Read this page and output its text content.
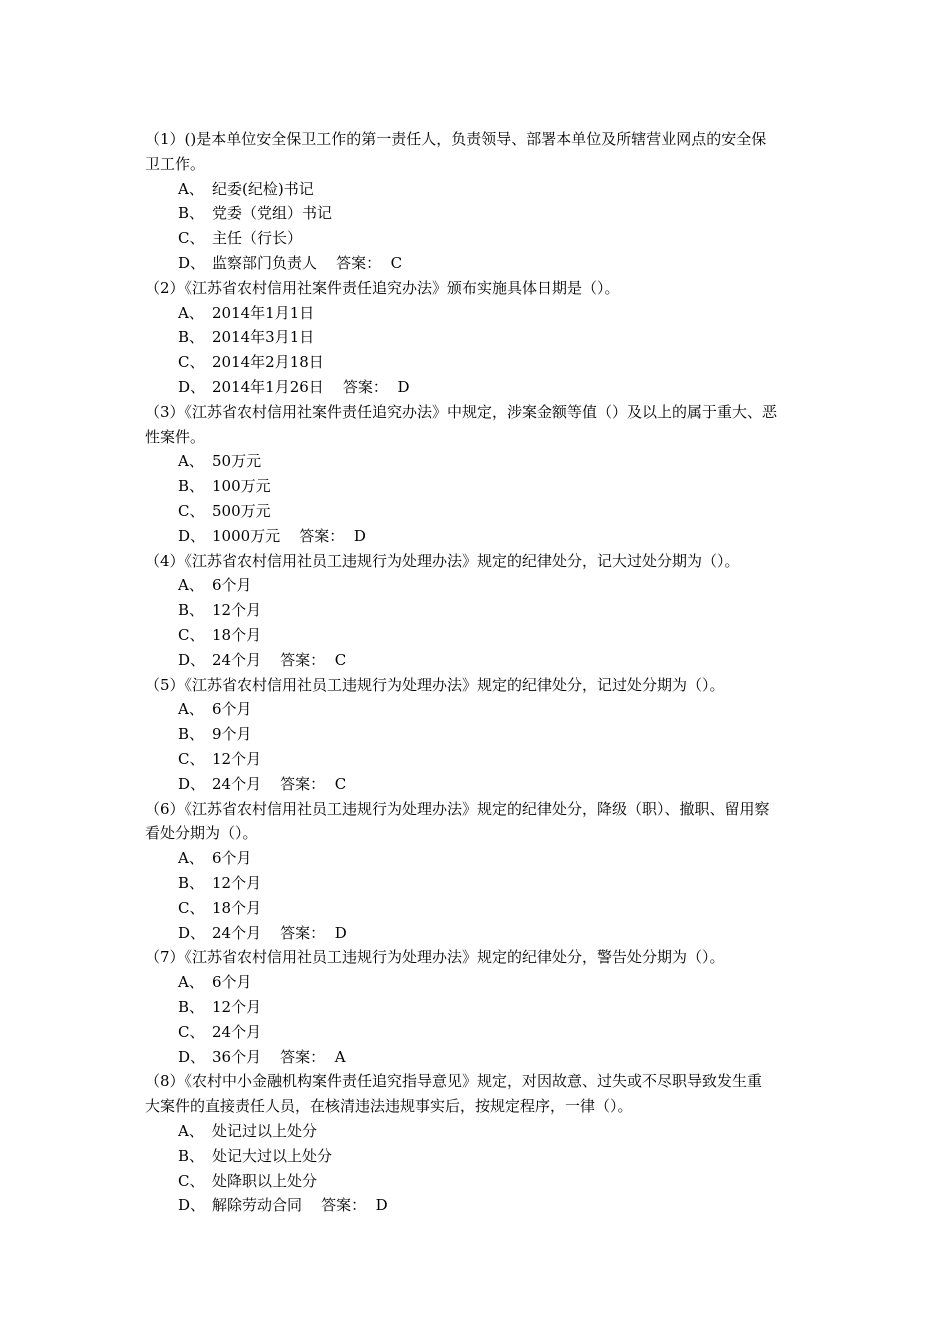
（1）()是本单位安全保卫工作的第一责任人，负责领导、部署本单位及所辖营业网点的安全保
卫工作。
A、 纪委(纪检)书记
B、 党委（党组）书记
C、 主任（行长）
D、 监察部门负责人 答案： C
（2）《江苏省农村信用社案件责任追究办法》颁布实施具体日期是（）。
A、 2014年1月1日
B、 2014年3月1日
C、 2014年2月18日
D、 2014年1月26日 答案： D
（3）《江苏省农村信用社案件责任追究办法》中规定，涉案金额等值（）及以上的属于重大、恶
性案件。
A、 50万元
B、 100万元
C、 500万元
D、 1000万元 答案： D
（4）《江苏省农村信用社员工违规行为处理办法》规定的纪律处分，记大过处分期为（）。
A、 6个月
B、 12个月
C、 18个月
D、 24个月 答案： C
（5）《江苏省农村信用社员工违规行为处理办法》规定的纪律处分，记过处分期为（）。
A、 6个月
B、 9个月
C、 12个月
D、 24个月 答案： C
（6）《江苏省农村信用社员工违规行为处理办法》规定的纪律处分，降级（职）、撤职、留用察
看处分期为（）。
A、 6个月
B、 12个月
C、 18个月
D、 24个月 答案： D
（7）《江苏省农村信用社员工违规行为处理办法》规定的纪律处分，警告处分期为（）。
A、 6个月
B、 12个月
C、 24个月
D、 36个月 答案： A
（8）《农村中小金融机构案件责任追究指导意见》规定，对因故意、过失或不尽职导致发生重
大案件的直接责任人员，在核清违法违规事实后，按规定程序，一律（）。
A、 处记过以上处分
B、 处记大过以上处分
C、 处降职以上处分
D、 解除劳动合同 答案： D
